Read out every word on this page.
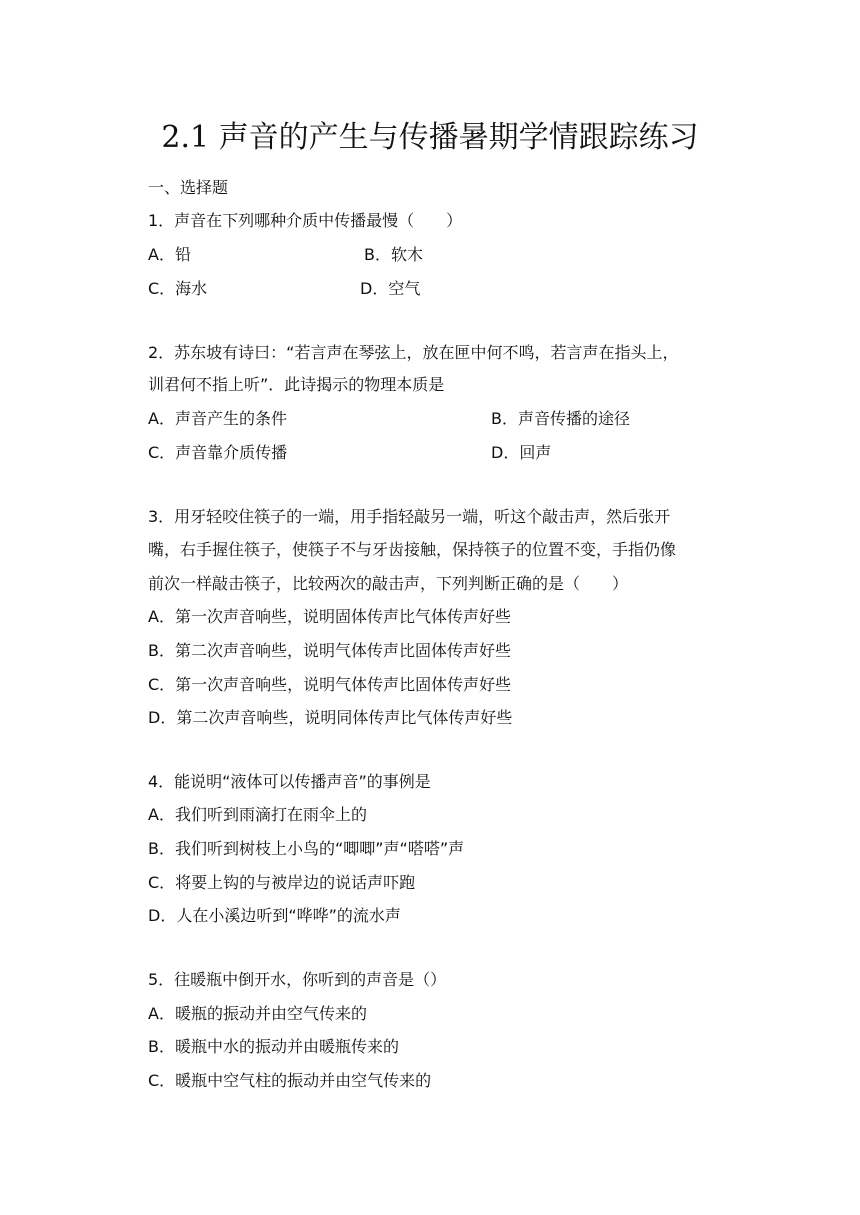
2.1 声音的产生与传播暑期学情跟踪练习
一、选择题
1．声音在下列哪种介质中传播最慢（　　）
A．铅	B．软木
C．海水	D．空气
2．苏东坡有诗曰：“若言声在琴弦上，放在匣中何不鸣，若言声在指头上，
训君何不指上听”．此诗揭示的物理本质是
A．声音产生的条件	B．声音传播的途径
C．声音靠介质传播	D．回声
3．用牙轻咬住筷子的一端，用手指轻敲另一端，听这个敲击声，然后张开
嘴，右手握住筷子，使筷子不与牙齿接触，保持筷子的位置不变，手指仍像
前次一样敲击筷子，比较两次的敲击声，下列判断正确的是（　　）
A．第一次声音响些，说明固体传声比气体传声好些
B．第二次声音响些，说明气体传声比固体传声好些
C．第一次声音响些，说明气体传声比固体传声好些
D．第二次声音响些，说明同体传声比气体传声好些
4．能说明“液体可以传播声音”的事例是
A．我们听到雨滴打在雨伞上的
B．我们听到树枝上小鸟的“唧唧”声“嗒嗒”声
C．将要上钩的与被岸边的说话声吓跑
D．人在小溪边听到“哗哗”的流水声
5．往暖瓶中倒开水，你听到的声音是（）
A．暖瓶的振动并由空气传来的
B．暖瓶中水的振动并由暖瓶传来的
C．暖瓶中空气柱的振动并由空气传来的
